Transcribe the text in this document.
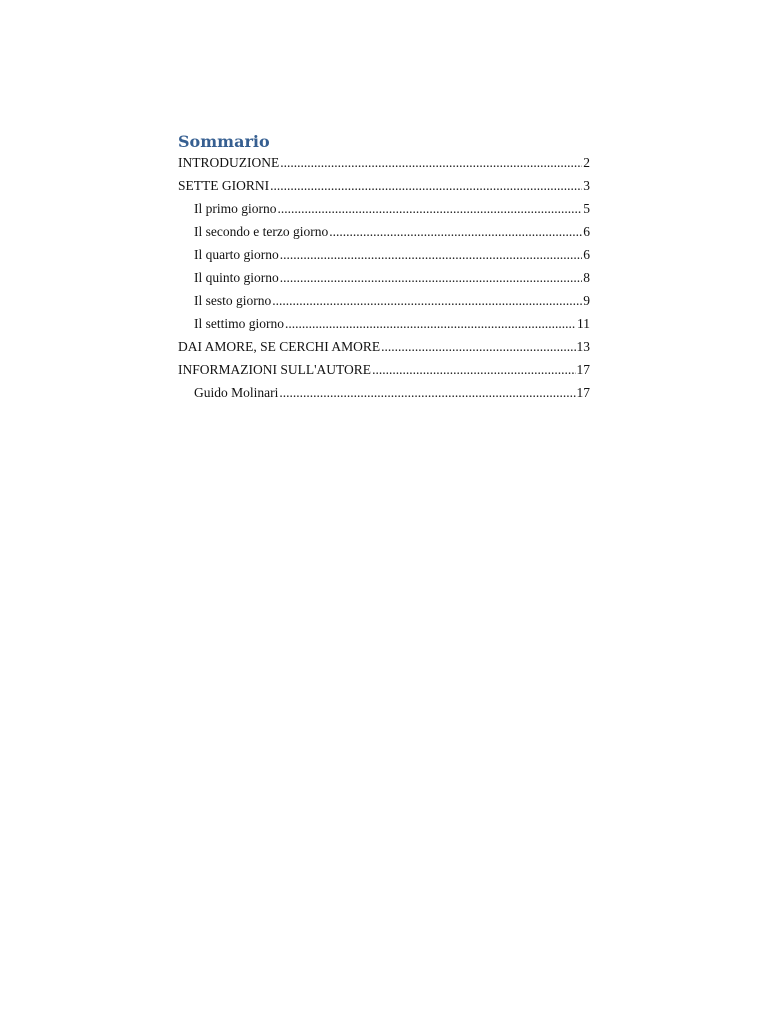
Sommario
INTRODUZIONE .....	2
SETTE GIORNI .....	3
Il primo giorno .....	5
Il secondo e terzo giorno .....	6
Il quarto giorno .....	6
Il quinto giorno .....	8
Il sesto giorno .....	9
Il settimo giorno .....	11
DAI AMORE, SE CERCHI AMORE .....	13
INFORMAZIONI SULL'AUTORE .....	17
Guido Molinari .....	17
